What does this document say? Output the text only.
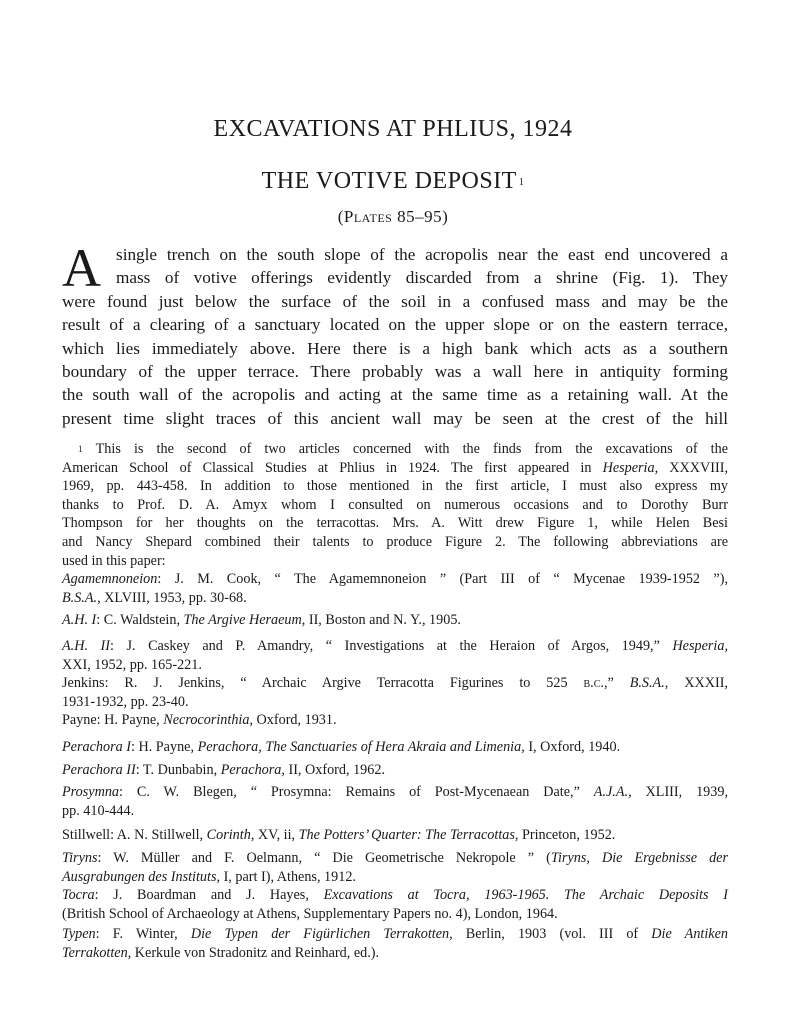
EXCAVATIONS AT PHLIUS, 1924
THE VOTIVE DEPOSIT $^1$
(Plates 85–95)
A single trench on the south slope of the acropolis near the east end uncovered a
mass of votive offerings evidently discarded from a shrine (Fig. 1). They
were found just below the surface of the soil in a confused mass and may be the
result of a clearing of a sanctuary located on the upper slope or on the eastern terrace,
which lies immediately above. Here there is a high bank which acts as a southern
boundary of the upper terrace. There probably was a wall here in antiquity forming
the south wall of the acropolis and acting at the same time as a retaining wall. At the
present time slight traces of this ancient wall may be seen at the crest of the hill
$^1$ This is the second of two articles concerned with the finds from the excavations of the
American School of Classical Studies at Phlius in 1924. The first appeared in Hesperia, XXXVIII,
1969, pp. 443-458. In addition to those mentioned in the first article, I must also express my
thanks to Prof. D. A. Amyx whom I consulted on numerous occasions and to Dorothy Burr
Thompson for her thoughts on the terracottas. Mrs. A. Witt drew Figure 1, while Helen Besi
and Nancy Shepard combined their talents to produce Figure 2. The following abbreviations are
used in this paper:
Agamemnoneion: J. M. Cook, “ The Agamemnoneion ” (Part III of “ Mycenae 1939-1952 ”),
B.S.A., XLVIII, 1953, pp. 30-68.
A.H. I: C. Waldstein, The Argive Heraeum, II, Boston and N. Y., 1905.
A.H. II: J. Caskey and P. Amandry, “ Investigations at the Heraion of Argos, 1949,” Hesperia,
XXI, 1952, pp. 165-221.
Jenkins: R. J. Jenkins, “ Archaic Argive Terracotta Figurines to 525 b.c.,” B.S.A., XXXII,
1931-1932, pp. 23-40.
Payne: H. Payne, Necrocorinthia, Oxford, 1931.
Perachora I: H. Payne, Perachora, The Sanctuaries of Hera Akraia and Limenia, I, Oxford, 1940.
Perachora II: T. Dunbabin, Perachora, II, Oxford, 1962.
Prosymna: C. W. Blegen, “ Prosymna: Remains of Post-Mycenaean Date,” A.J.A., XLIII, 1939,
pp. 410-444.
Stillwell: A. N. Stillwell, Corinth, XV, ii, The Potters’ Quarter: The Terracottas, Princeton, 1952.
Tiryns: W. Müller and F. Oelmann, “ Die Geometrische Nekropole ” (Tiryns, Die Ergebnisse der
Ausgrabungen des Instituts, I, part I), Athens, 1912.
Tocra: J. Boardman and J. Hayes, Excavations at Tocra, 1963-1965. The Archaic Deposits I
(British School of Archaeology at Athens, Supplementary Papers no. 4), London, 1964.
Typen: F. Winter, Die Typen der Figürlichen Terrakotten, Berlin, 1903 (vol. III of Die Antiken
Terrakotten, Kerkule von Stradonitz and Reinhard, ed.).
